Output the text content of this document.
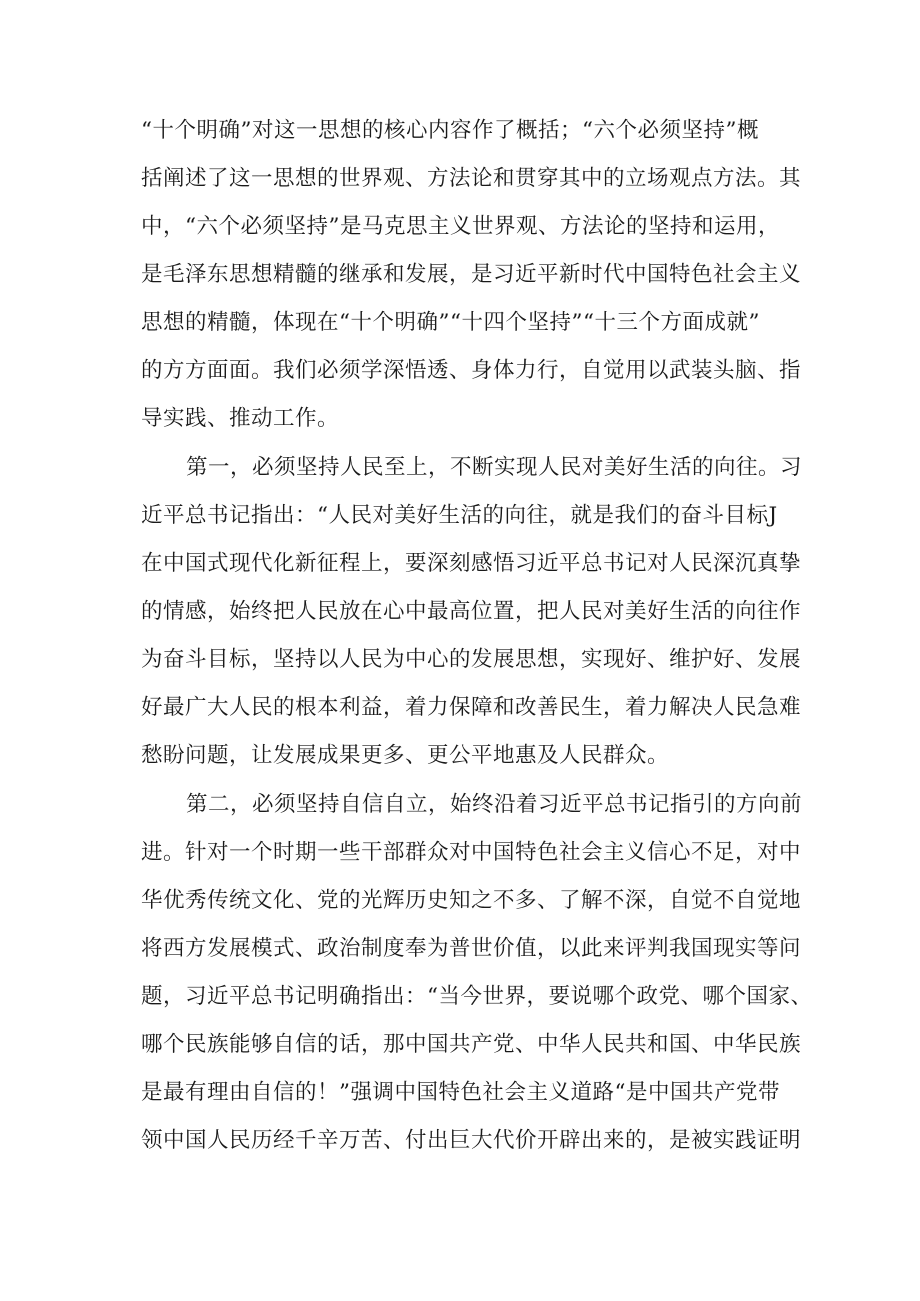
“十个明确”对这一思想的核心内容作了概括；“六个必须坚持”概
括阐述了这一思想的世界观、方法论和贯穿其中的立场观点方法。其
中，“六个必须坚持”是马克思主义世界观、方法论的坚持和运用，
是毛泽东思想精髓的继承和发展，是习近平新时代中国特色社会主义
思想的精髓，体现在“十个明确”“十四个坚持”“十三个方面成就”
的方方面面。我们必须学深悟透、身体力行，自觉用以武装头脑、指
导实践、推动工作。
第一，必须坚持人民至上，不断实现人民对美好生活的向往。习
近平总书记指出：“人民对美好生活的向往，就是我们的奋斗目标J
在中国式现代化新征程上，要深刻感悟习近平总书记对人民深沉真挚
的情感，始终把人民放在心中最高位置，把人民对美好生活的向往作
为奋斗目标，坚持以人民为中心的发展思想，实现好、维护好、发展
好最广大人民的根本利益，着力保障和改善民生，着力解决人民急难
愁盼问题，让发展成果更多、更公平地惠及人民群众。
第二，必须坚持自信自立，始终沿着习近平总书记指引的方向前
进。针对一个时期一些干部群众对中国特色社会主义信心不足，对中
华优秀传统文化、党的光辉历史知之不多、了解不深，自觉不自觉地
将西方发展模式、政治制度奉为普世价值，以此来评判我国现实等问
题，习近平总书记明确指出：“当今世界，要说哪个政党、哪个国家、
哪个民族能够自信的话，那中国共产党、中华人民共和国、中华民族
是最有理由自信的！”强调中国特色社会主义道路“是中国共产党带
领中国人民历经千辛万苦、付出巨大代价开辟出来的，是被实践证明
